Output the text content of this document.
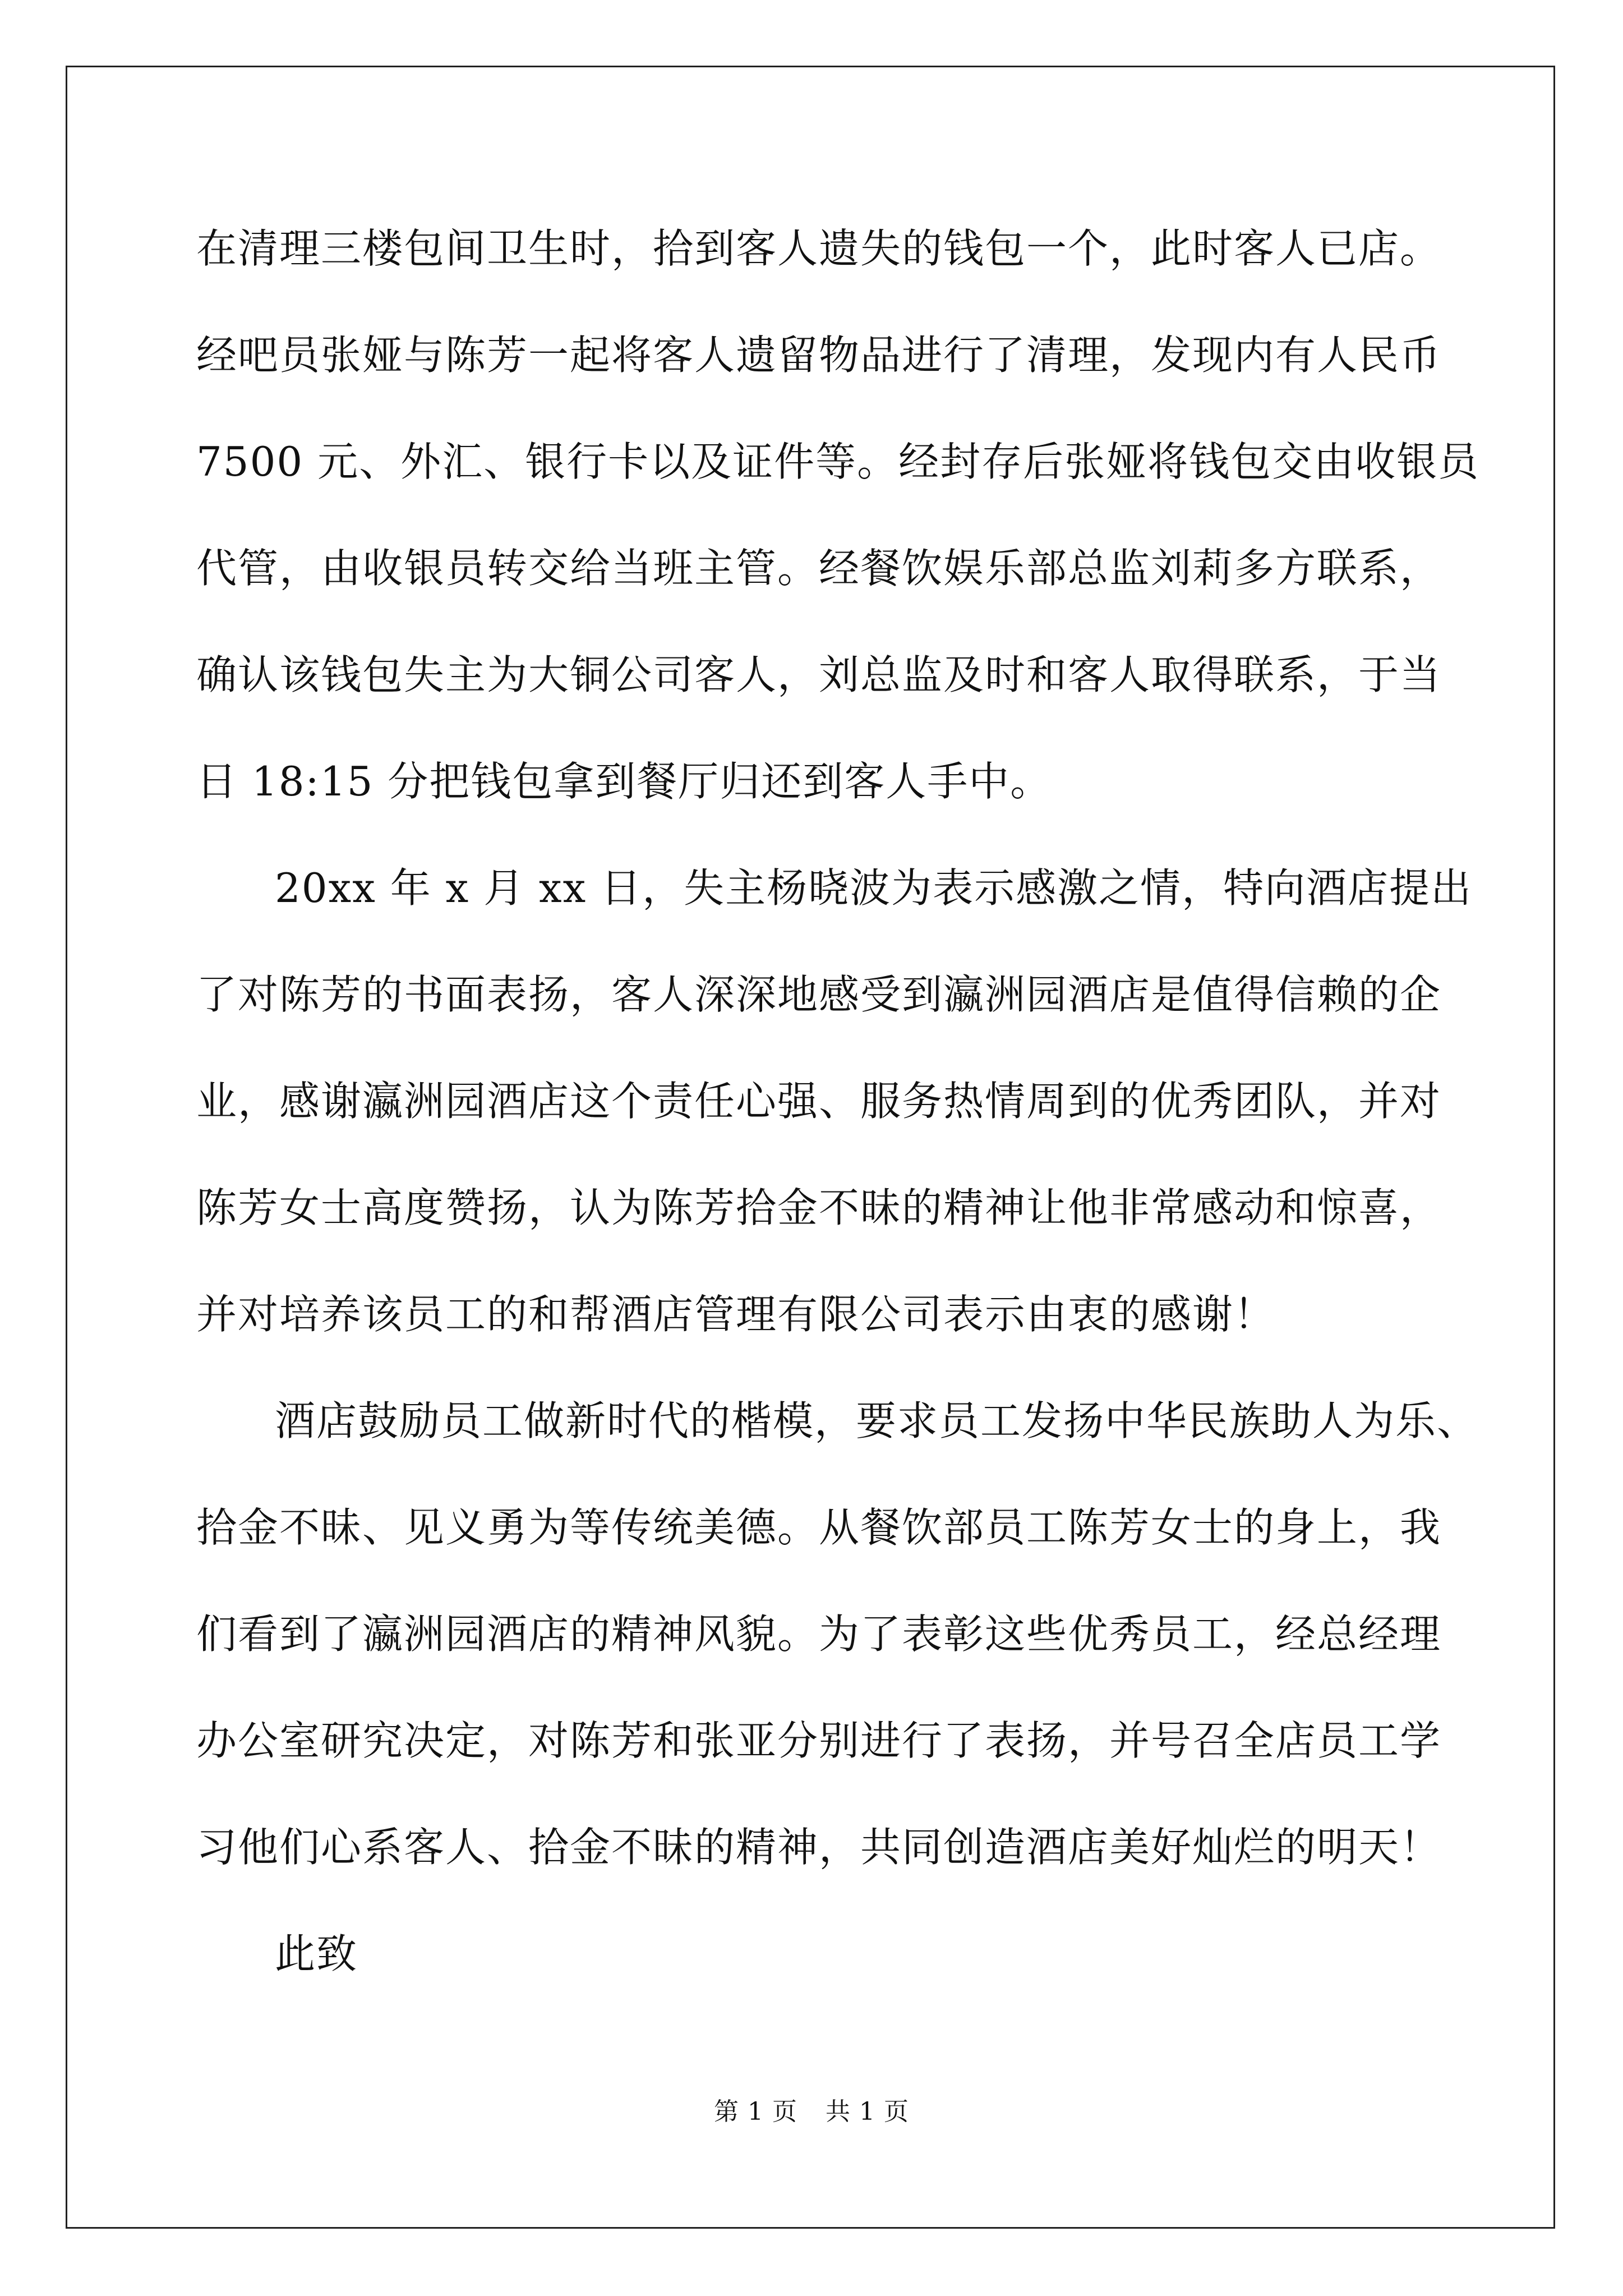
在清理三楼包间卫生时，拾到客人遗失的钱包一个，此时客人已店。
经吧员张娅与陈芳一起将客人遗留物品进行了清理，发现内有人民币
7500 元、外汇、银行卡以及证件等。经封存后张娅将钱包交由收银员
代管，由收银员转交给当班主管。经餐饮娱乐部总监刘莉多方联系，
确认该钱包失主为大铜公司客人，刘总监及时和客人取得联系，于当
日 18:15 分把钱包拿到餐厅归还到客人手中。
20xx 年 x 月 xx 日，失主杨晓波为表示感激之情，特向酒店提出
了对陈芳的书面表扬，客人深深地感受到瀛洲园酒店是值得信赖的企
业，感谢瀛洲园酒店这个责任心强、服务热情周到的优秀团队，并对
陈芳女士高度赞扬，认为陈芳拾金不昧的精神让他非常感动和惊喜，
并对培养该员工的和帮酒店管理有限公司表示由衷的感谢！
酒店鼓励员工做新时代的楷模，要求员工发扬中华民族助人为乐、
拾金不昧、见义勇为等传统美德。从餐饮部员工陈芳女士的身上，我
们看到了瀛洲园酒店的精神风貌。为了表彰这些优秀员工，经总经理
办公室研究决定，对陈芳和张亚分别进行了表扬，并号召全店员工学
习他们心系客人、拾金不昧的精神，共同创造酒店美好灿烂的明天！
此致
第 1 页 共 1 页
